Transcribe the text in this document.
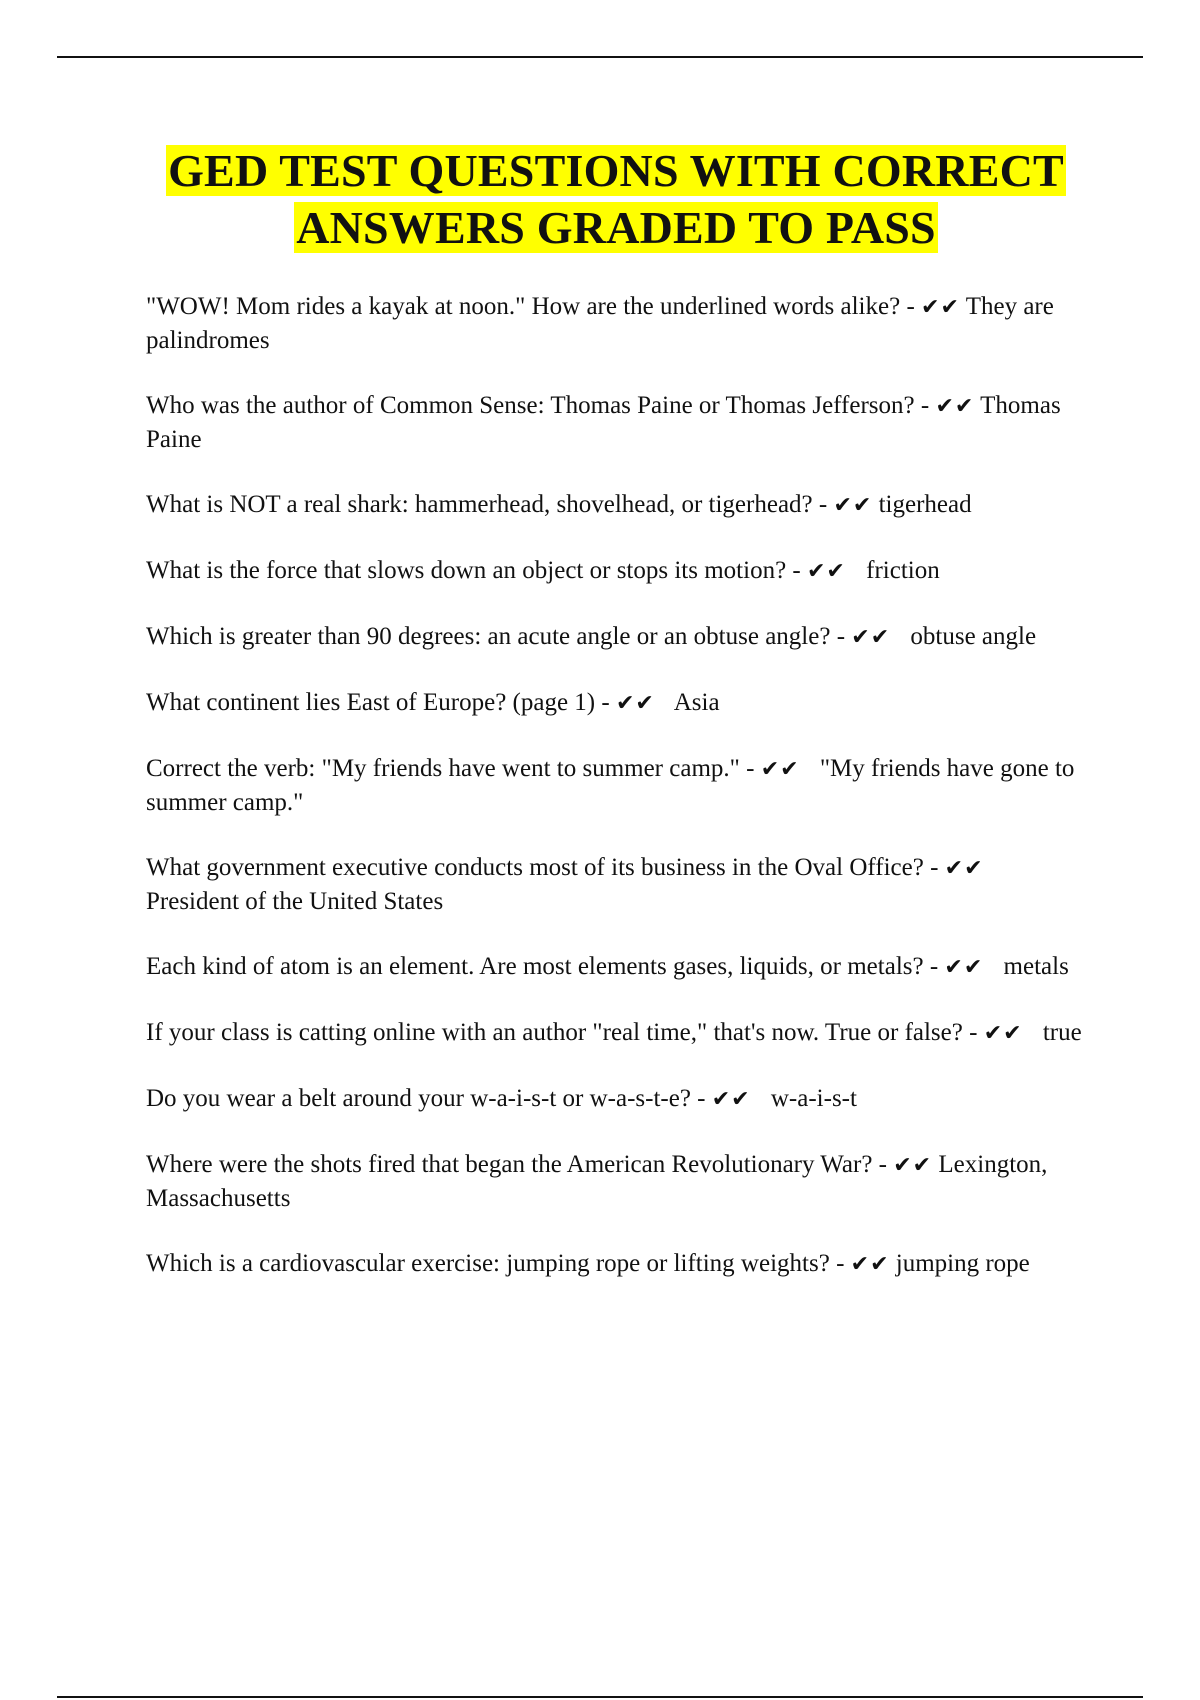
GED TEST QUESTIONS WITH CORRECT
ANSWERS GRADED TO PASS
"WOW! Mom rides a kayak at noon." How are the underlined words alike? - ✔✔ They are palindromes
Who was the author of Common Sense: Thomas Paine or Thomas Jefferson? - ✔✔ Thomas Paine
What is NOT a real shark: hammerhead, shovelhead, or tigerhead? - ✔✔ tigerhead
What is the force that slows down an object or stops its motion? - ✔✔ friction
Which is greater than 90 degrees: an acute angle or an obtuse angle? - ✔✔ obtuse angle
What continent lies East of Europe? (page 1) - ✔✔ Asia
Correct the verb: "My friends have went to summer camp." - ✔✔ "My friends have gone to summer camp."
What government executive conducts most of its business in the Oval Office? - ✔✔ President of the United States
Each kind of atom is an element. Are most elements gases, liquids, or metals? - ✔✔ metals
If your class is catting online with an author "real time," that's now. True or false? - ✔✔ true
Do you wear a belt around your w-a-i-s-t or w-a-s-t-e? - ✔✔ w-a-i-s-t
Where were the shots fired that began the American Revolutionary War? - ✔✔ Lexington, Massachusetts
Which is a cardiovascular exercise: jumping rope or lifting weights? - ✔✔ jumping rope
